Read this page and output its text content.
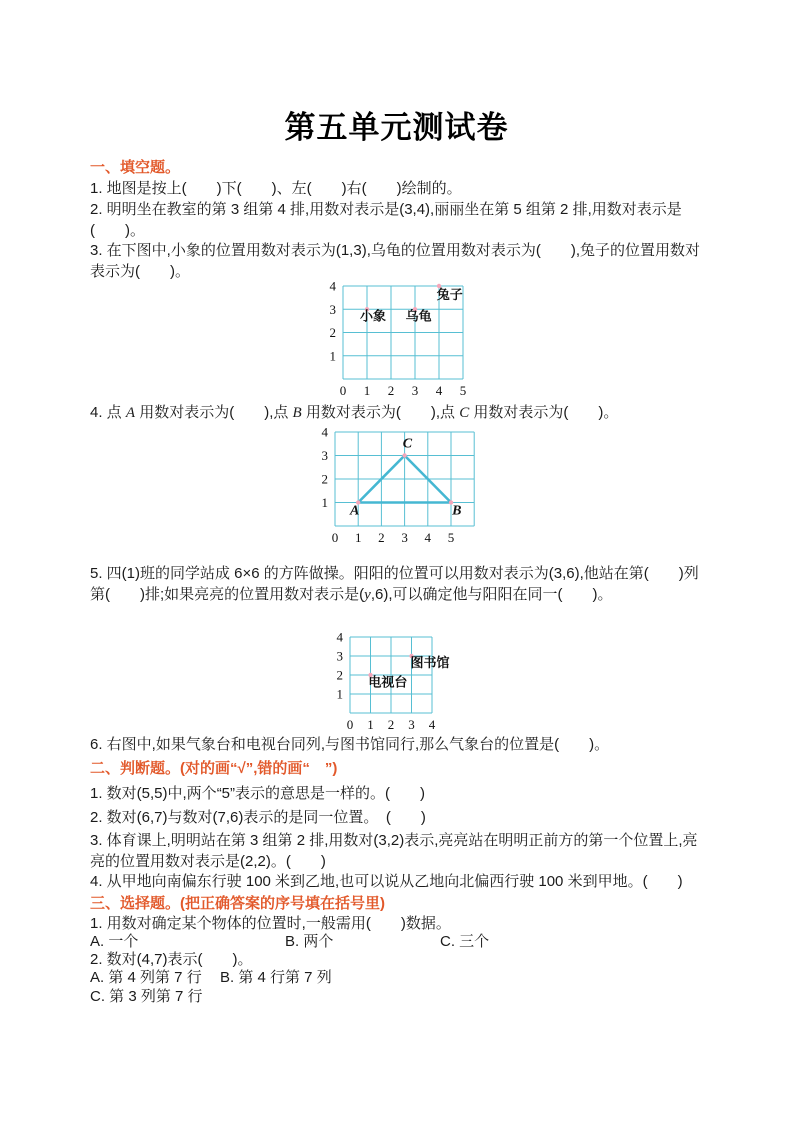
第五单元测试卷
一、填空题。
1. 地图是按上(　　)下(　　)、左(　　)右(　　)绘制的。
2. 明明坐在教室的第 3 组第 4 排,用数对表示是(3,4),丽丽坐在第 5 组第 2 排,用数对表示是 (　　)。
3. 在下图中,小象的位置用数对表示为(1,3),乌龟的位置用数对表示为(　　),兔子的位置用数对表示为(　　)。
0 1 2 3 4 5
1
2
3
4
小象 乌龟
兔子
4. 点 A 用数对表示为(　　),点 B 用数对表示为(　　),点 C 用数对表示为(　　)。
0 1 2 3 4 5
1
2
3
4
A	B
C
5. 四(1)班的同学站成 6×6 的方阵做操。阳阳的位置可以用数对表示为(3,6),他站在第(　　)列第(　　)排;如果亮亮的位置用数对表示是(y,6),可以确定他与阳阳在同一(　　)。
0 1 2 3 4
1
2
3
4
电视台
图书馆
6. 右图中,如果气象台和电视台同列,与图书馆同行,那么气象台的位置是(　　)。
二、判断题。(对的画“√”,错的画“　”)
1. 数对(5,5)中,两个“5”表示的意思是一样的。(　　)
2. 数对(6,7)与数对(7,6)表示的是同一位置。　(　　)
3. 体育课上,明明站在第 3 组第 2 排,用数对(3,2)表示,亮亮站在明明正前方的第一个位置上,亮亮的位置用数对表示是(2,2)。(　　)
4. 从甲地向南偏东行驶 100 米到乙地,也可以说从乙地向北偏西行驶 100 米到甲地。(　　)
三、选择题。(把正确答案的序号填在括号里)
1. 用数对确定某个物体的位置时,一般需用(　　)数据。
A. 一个	B. 两个	C. 三个
2. 数对(4,7)表示(　　)。
A. 第 4 列第 7 行 B. 第 4 行第 7 列
C. 第 3 列第 7 行
